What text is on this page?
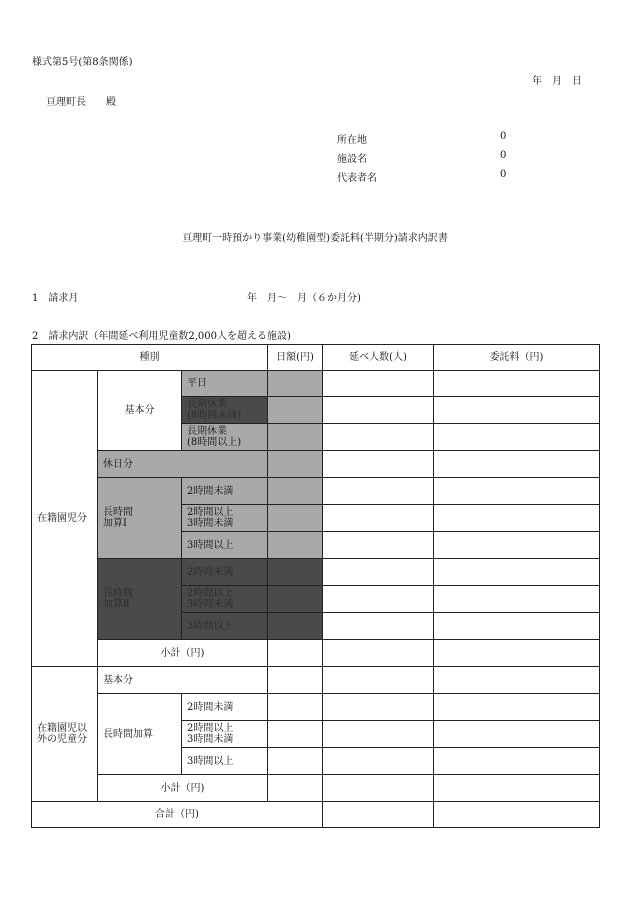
様式第5号(第8条関係)
年　月　日
亘理町長　　殿
所在地	0
施設名	0
代表者名	0
亘理町一時預かり事業(幼稚園型)委託料(半期分)請求内訳書
1　請求月	年　月～　月（６か月分)
2　請求内訳（年間延べ利用児童数2,000人を超える施設)
種別			日額(円)	延べ人数(人)	委託料（円)
在籍園児分	基本分	平日			
		長期休業
(8時間未満)			
		長期休業
(8時間以上)			
	休日分				
	長時間
加算Ⅰ	2時間未満			
		2時間以上
3時間未満			
		3時間以上			
	長時間
加算Ⅱ	2時間未満			
		2時間以上
3時間未満			
		3時間以上			
	小計（円)				
在籍園児以
外の児童分	基本分				
	長時間加算	2時間未満			
		2時間以上
3時間未満			
		3時間以上			
	小計（円)				
合計（円)					
